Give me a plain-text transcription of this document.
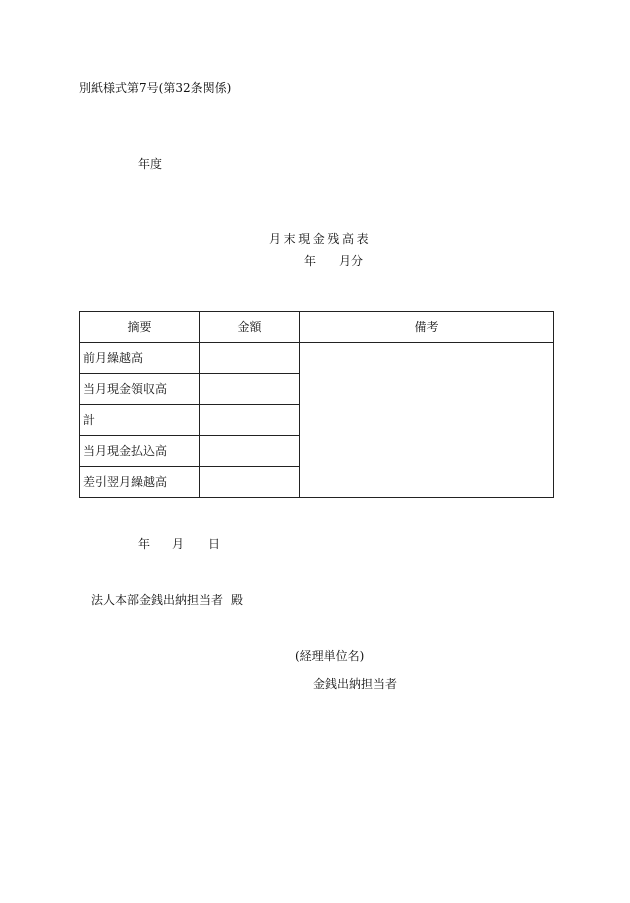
別紙様式第7号(第32条関係)
年度
月末現金残高表
年 月分
摘要	金額	備考
前月繰越高		
当月現金領収高		
計		
当月現金払込高		
差引翌月繰越高		
年 月 日
法人本部金銭出納担当者 殿
(経理単位名)
金銭出納担当者
